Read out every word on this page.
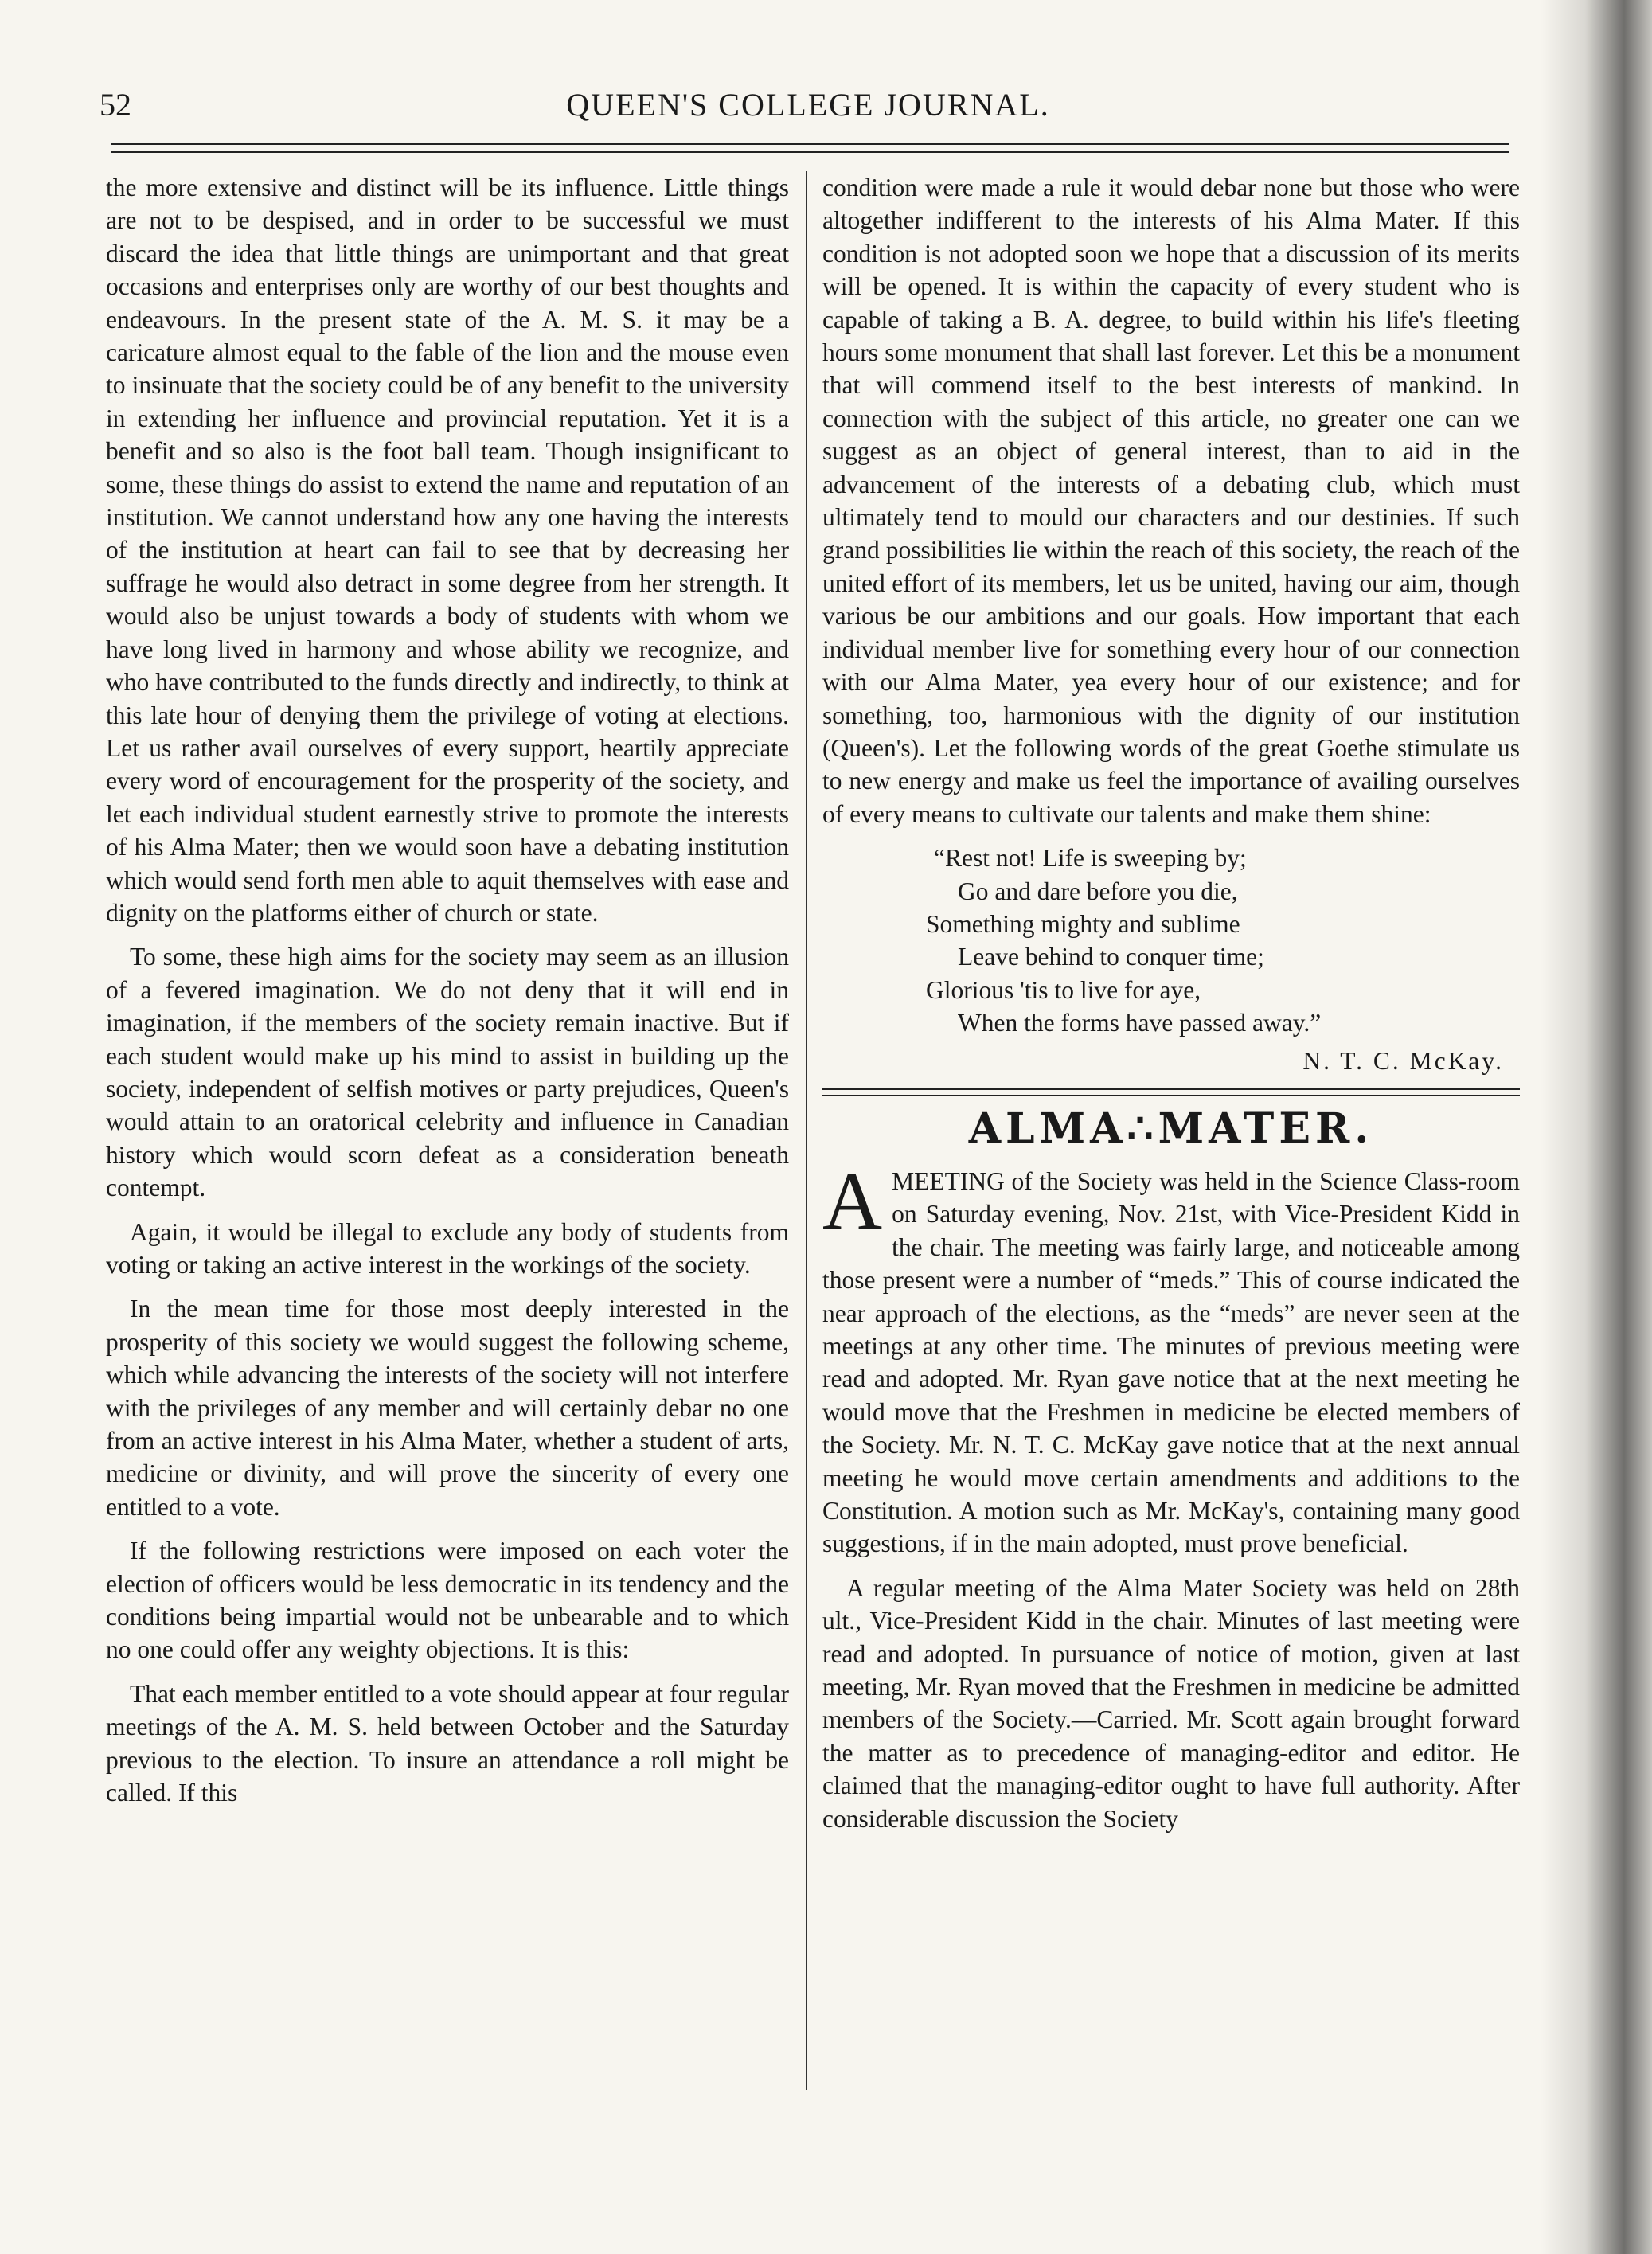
52	QUEEN'S COLLEGE JOURNAL.

the more extensive and distinct will be its influence. Little things are not to be despised, and in order to be successful we must discard the idea that little things are unimportant and that great occasions and enterprises only are worthy of our best thoughts and endeavours. In the present state of the A. M. S. it may be a caricature almost equal to the fable of the lion and the mouse even to insinuate that the society could be of any benefit to the university in extending her influence and provincial reputation. Yet it is a benefit and so also is the foot ball team. Though insignificant to some, these things do assist to extend the name and reputation of an institution. We cannot understand how any one having the interests of the institution at heart can fail to see that by decreasing her suffrage he would also detract in some degree from her strength. It would also be unjust towards a body of students with whom we have long lived in harmony and whose ability we recognize, and who have contributed to the funds directly and indirectly, to think at this late hour of denying them the privilege of voting at elections. Let us rather avail ourselves of every support, heartily appreciate every word of encouragement for the prosperity of the society, and let each individual student earnestly strive to promote the interests of his Alma Mater; then we would soon have a debating institution which would send forth men able to aquit themselves with ease and dignity on the platforms either of church or state.

To some, these high aims for the society may seem as an illusion of a fevered imagination. We do not deny that it will end in imagination, if the members of the society remain inactive. But if each student would make up his mind to assist in building up the society, independent of selfish motives or party prejudices, Queen's would attain to an oratorical celebrity and influence in Canadian history which would scorn defeat as a consideration beneath contempt.

Again, it would be illegal to exclude any body of students from voting or taking an active interest in the workings of the society.

In the mean time for those most deeply interested in the prosperity of this society we would suggest the following scheme, which while advancing the interests of the society will not interfere with the privileges of any member and will certainly debar no one from an active interest in his Alma Mater, whether a student of arts, medicine or divinity, and will prove the sincerity of every one entitled to a vote.

If the following restrictions were imposed on each voter the election of officers would be less democratic in its tendency and the conditions being impartial would not be unbearable and to which no one could offer any weighty objections. It is this:

That each member entitled to a vote should appear at four regular meetings of the A. M. S. held between October and the Saturday previous to the election. To insure an attendance a roll might be called. If this

condition were made a rule it would debar none but those who were altogether indifferent to the interests of his Alma Mater. If this condition is not adopted soon we hope that a discussion of its merits will be opened. It is within the capacity of every student who is capable of taking a B. A. degree, to build within his life's fleeting hours some monument that shall last forever. Let this be a monument that will commend itself to the best interests of mankind. In connection with the subject of this article, no greater one can we suggest as an object of general interest, than to aid in the advancement of the interests of a debating club, which must ultimately tend to mould our characters and our destinies. If such grand possibilities lie within the reach of this society, the reach of the united effort of its members, let us be united, having our aim, though various be our ambitions and our goals. How important that each individual member live for something every hour of our connection with our Alma Mater, yea every hour of our existence; and for something, too, harmonious with the dignity of our institution (Queen's). Let the following words of the great Goethe stimulate us to new energy and make us feel the importance of availing ourselves of every means to cultivate our talents and make them shine:

“Rest not! Life is sweeping by;

Go and dare before you die,

Something mighty and sublime

Leave behind to conquer time;

Glorious 'tis to live for aye,

When the forms have passed away.”

N. T. C. McKay.
ALMA∴MATER.

A MEETING of the Society was held in the Science Class-room on Saturday evening, Nov. 21st, with Vice-President Kidd in the chair. The meeting was fairly large, and noticeable among those present were a number of “meds.” This of course indicated the near approach of the elections, as the “meds” are never seen at the meetings at any other time. The minutes of previous meeting were read and adopted. Mr. Ryan gave notice that at the next meeting he would move that the Freshmen in medicine be elected members of the Society. Mr. N. T. C. McKay gave notice that at the next annual meeting he would move certain amendments and additions to the Constitution. A motion such as Mr. McKay's, containing many good suggestions, if in the main adopted, must prove beneficial.

A regular meeting of the Alma Mater Society was held on 28th ult., Vice-President Kidd in the chair. Minutes of last meeting were read and adopted. In pursuance of notice of motion, given at last meeting, Mr. Ryan moved that the Freshmen in medicine be admitted members of the Society.—Carried. Mr. Scott again brought forward the matter as to precedence of managing-editor and editor. He claimed that the managing-editor ought to have full authority. After considerable discussion the Society
